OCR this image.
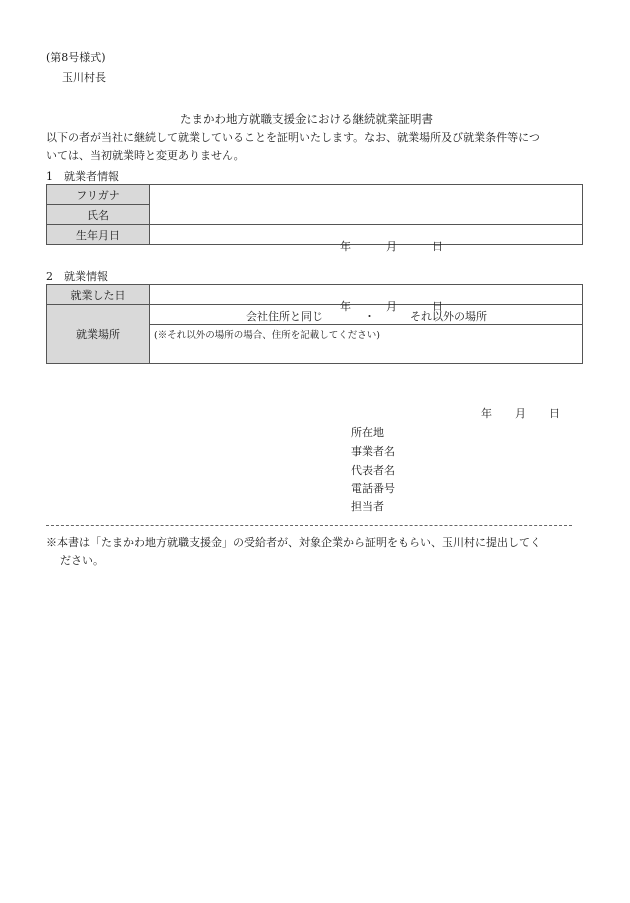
(第8号様式)
玉川村長
たまかわ地方就職支援金における継続就業証明書
以下の者が当社に継続して就業していることを証明いたします。なお、就業場所及び就業条件等につ
いては、当初就業時と変更ありません。
1　就業者情報
フリガナ	
氏名	
生年月日	年 月 日
2　就業情報
就業した日	年 月 日

就業場所	会社住所と同じ ・ それ以外の場所
(※それ以外の場所の場合、住所を記載してください)
年 月 日
所在地
事業者名
代表者名
電話番号
担当者
※本書は「たまかわ地方就職支援金」の受給者が、対象企業から証明をもらい、玉川村に提出してく
ださい。
